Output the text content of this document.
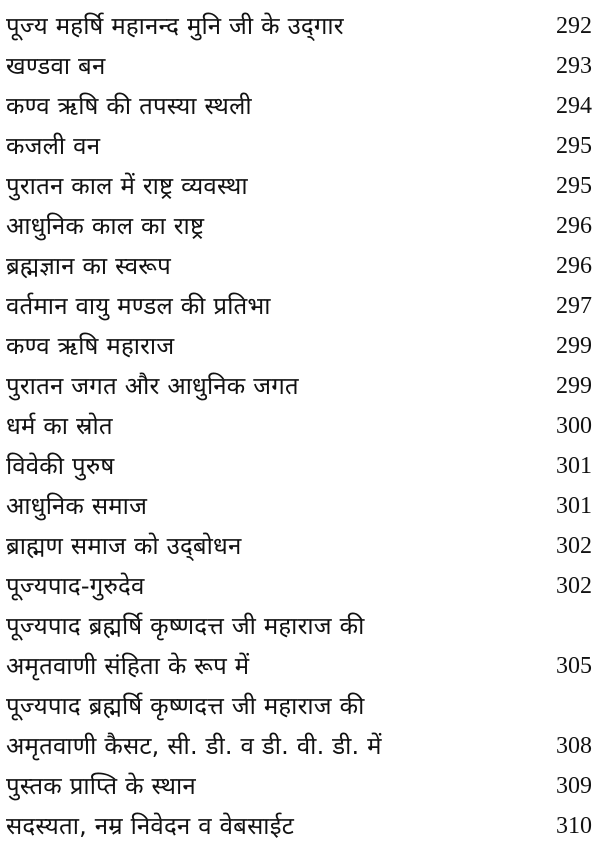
पूज्य महर्षि महानन्द मुनि जी के उद्‌गार	292
खण्डवा बन	293
कण्व ऋषि की तपस्या स्थली	294
कजली वन	295
पुरातन काल में राष्ट्र व्यवस्था	295
आधुनिक काल का राष्ट्र	296
ब्रह्मज्ञान का स्वरूप	296
वर्तमान वायु मण्डल की प्रतिभा	297
कण्व ऋषि महाराज	299
पुरातन जगत और आधुनिक जगत	299
धर्म का स्रोत	300
विवेकी पुरुष	301
आधुनिक समाज	301
ब्राह्मण समाज को उद्‌बोधन	302
पूज्यपाद-गुरुदेव	302
पूज्यपाद ब्रह्मर्षि कृष्णदत्त जी महाराज की
अमृतवाणी संहिता के रूप में	305
पूज्यपाद ब्रह्मर्षि कृष्णदत्त जी महाराज की
अमृतवाणी कैसट, सी. डी. व डी. वी. डी. में	308
पुस्तक प्राप्ति के स्थान	309
सदस्यता, नम्र निवेदन व वेबसाईट	310
